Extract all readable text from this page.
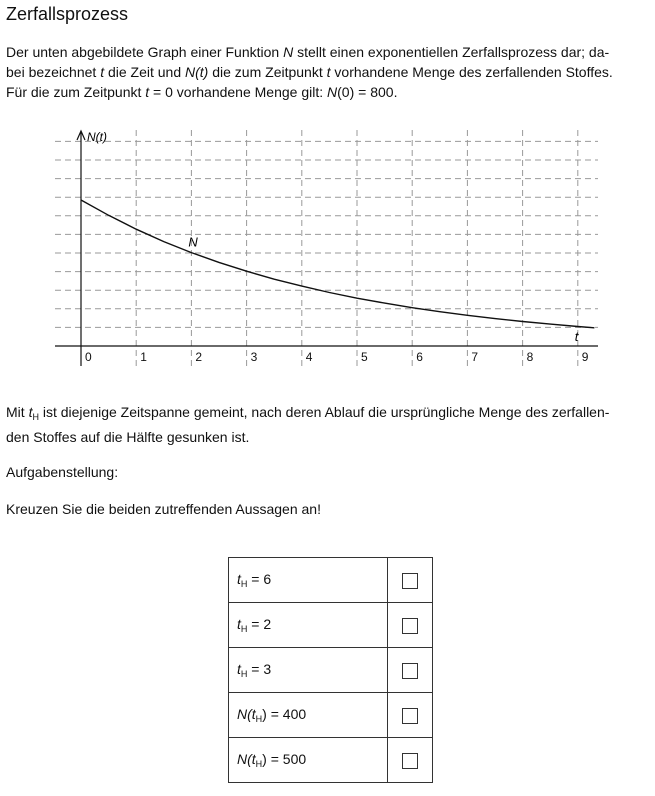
Zerfallsprozess

Der unten abgebildete Graph einer Funktion N stellt einen exponentiellen Zerfallsprozess dar; da-
bei bezeichnet t die Zeit und N(t) die zum Zeitpunkt t vorhandene Menge des zerfallenden Stoffes.
Für die zum Zeitpunkt t = 0 vorhandene Menge gilt: N(0) = 800.

0	1	2	3	4	5	6	7	8	9
N(t)
t
N

Mit $t_H$ ist diejenige Zeitspanne gemeint, nach deren Ablauf die ursprüngliche Menge des zerfallen-
den Stoffes auf die Hälfte gesunken ist.

Aufgabenstellung:

Kreuzen Sie die beiden zutreffenden Aussagen an!

$t_H = 6$	
$t_H = 2$	
$t_H = 3$	
$N(t_H) = 400$	
$N(t_H) = 500$	
